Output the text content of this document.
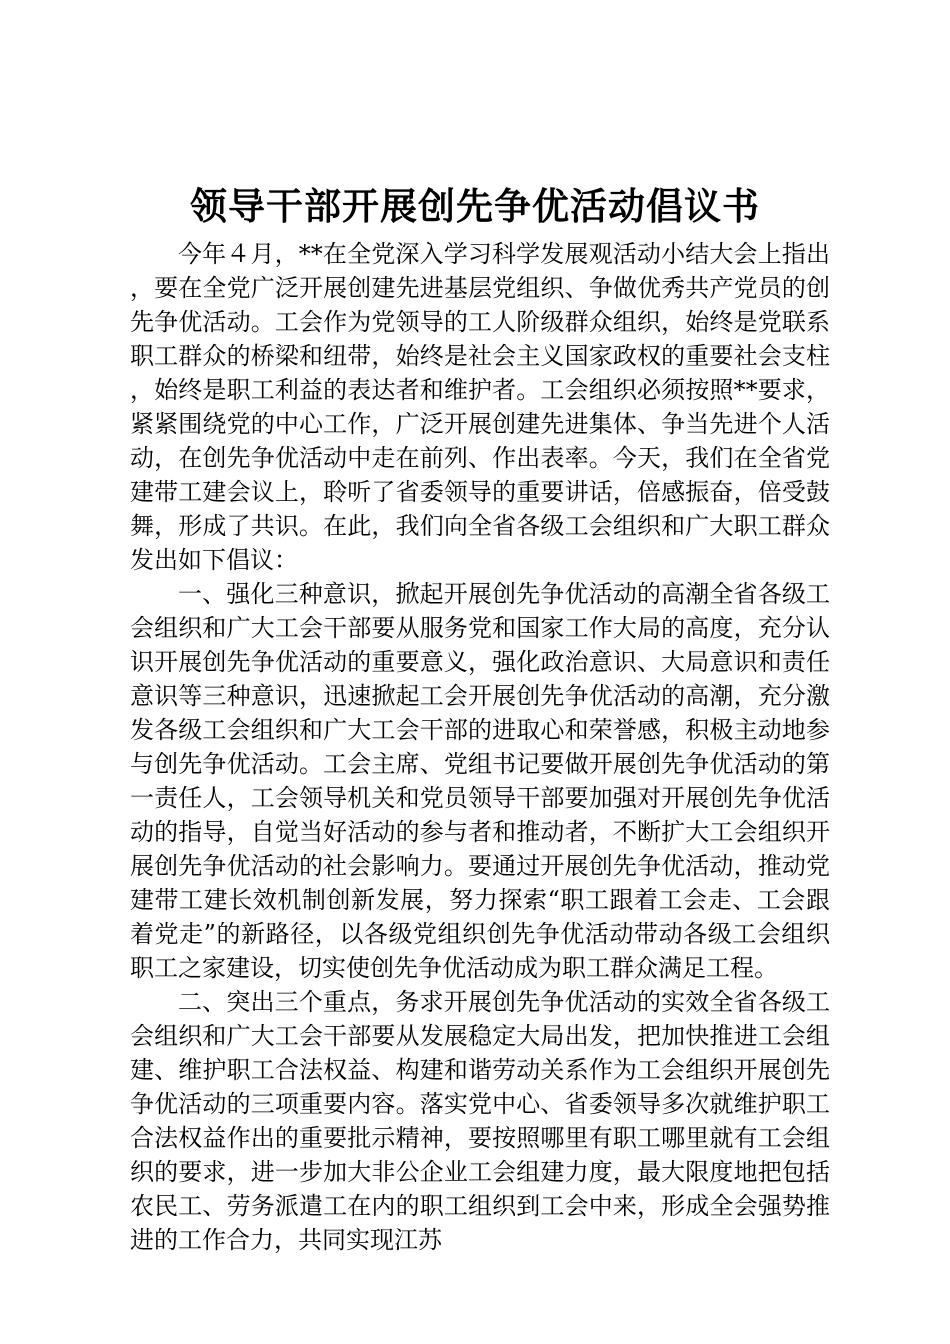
领导干部开展创先争优活动倡议书

今年４月，**在全党深入学习科学发展观活动小结大会上指出，要在全党广泛开展创建先进基层党组织、争做优秀共产党员的创先争优活动。工会作为党领导的工人阶级群众组织，始终是党联系职工群众的桥梁和纽带，始终是社会主义国家政权的重要社会支柱，始终是职工利益的表达者和维护者。工会组织必须按照**要求，紧紧围绕党的中心工作，广泛开展创建先进集体、争当先进个人活动，在创先争优活动中走在前列、作出表率。今天，我们在全省党建带工建会议上，聆听了省委领导的重要讲话，倍感振奋，倍受鼓舞，形成了共识。在此，我们向全省各级工会组织和广大职工群众发出如下倡议：

一、强化三种意识，掀起开展创先争优活动的高潮全省各级工会组织和广大工会干部要从服务党和国家工作大局的高度，充分认识开展创先争优活动的重要意义，强化政治意识、大局意识和责任意识等三种意识，迅速掀起工会开展创先争优活动的高潮，充分激发各级工会组织和广大工会干部的进取心和荣誉感，积极主动地参与创先争优活动。工会主席、党组书记要做开展创先争优活动的第一责任人，工会领导机关和党员领导干部要加强对开展创先争优活动的指导，自觉当好活动的参与者和推动者，不断扩大工会组织开展创先争优活动的社会影响力。要通过开展创先争优活动，推动党建带工建长效机制创新发展，努力探索“职工跟着工会走、工会跟着党走”的新路径，以各级党组织创先争优活动带动各级工会组织职工之家建设，切实使创先争优活动成为职工群众满足工程。

二、突出三个重点，务求开展创先争优活动的实效全省各级工会组织和广大工会干部要从发展稳定大局出发，把加快推进工会组建、维护职工合法权益、构建和谐劳动关系作为工会组织开展创先争优活动的三项重要内容。落实党中心、省委领导多次就维护职工合法权益作出的重要批示精神，要按照哪里有职工哪里就有工会组织的要求，进一步加大非公企业工会组建力度，最大限度地把包括农民工、劳务派遣工在内的职工组织到工会中来，形成全会强势推进的工作合力，共同实现江苏
